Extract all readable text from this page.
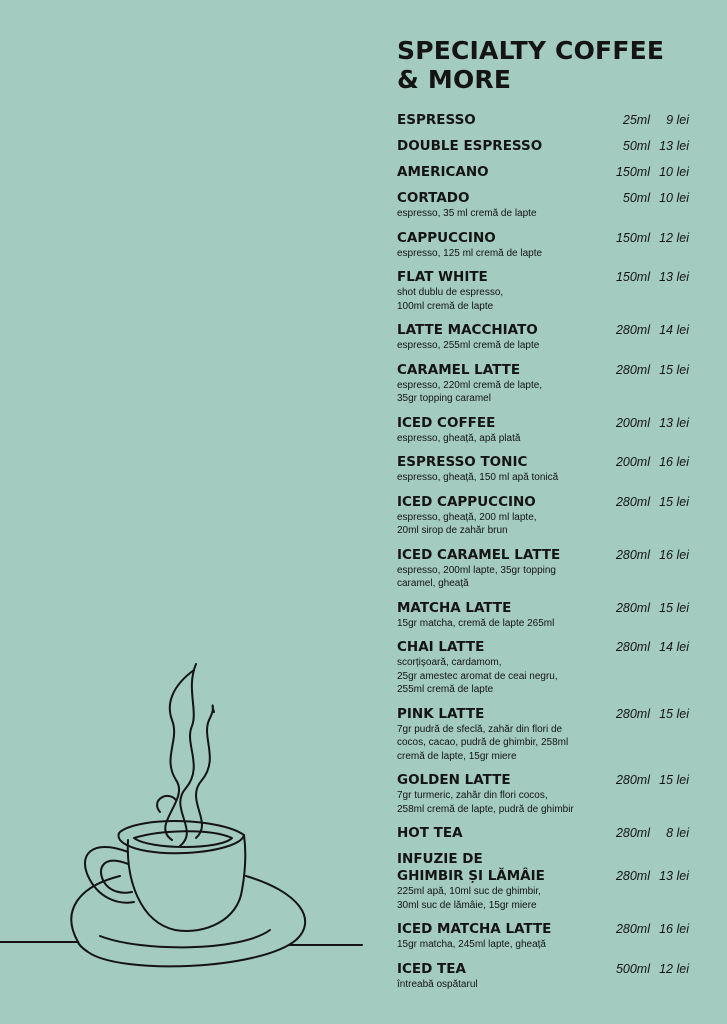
SPECIALTY COFFEE
& MORE
ESPRESSO	25ml 9 lei
DOUBLE ESPRESSO	50ml 13 lei
AMERICANO	150ml 10 lei
CORTADO	50ml 10 lei
espresso, 35 ml cremă de lapte
CAPPUCCINO	150ml 12 lei
espresso, 125 ml cremă de lapte
FLAT WHITE	150ml 13 lei
shot dublu de espresso,
100ml cremă de lapte
LATTE MACCHIATO	280ml 14 lei
espresso, 255ml cremă de lapte
CARAMEL LATTE	280ml 15 lei
espresso, 220ml cremă de lapte,
35gr topping caramel
ICED COFFEE	200ml 13 lei
espresso, gheață, apă plată
ESPRESSO TONIC	200ml 16 lei
espresso, gheață, 150 ml apă tonică
ICED CAPPUCCINO	280ml 15 lei
espresso, gheață, 200 ml lapte,
20ml sirop de zahăr brun
ICED CARAMEL LATTE	280ml 16 lei
espresso, 200ml lapte, 35gr topping
caramel, gheață
MATCHA LATTE	280ml 15 lei
15gr matcha, cremă de lapte 265ml
CHAI LATTE	280ml 14 lei
scorțișoară, cardamom,
25gr amestec aromat de ceai negru,
255ml cremă de lapte
PINK LATTE	280ml 15 lei
7gr pudră de sfeclă, zahăr din flori de
cocos, cacao, pudră de ghimbir, 258ml
cremă de lapte, 15gr miere
GOLDEN LATTE	280ml 15 lei
7gr turmeric, zahăr din flori cocos,
258ml cremă de lapte, pudră de ghimbir
HOT TEA	280ml 8 lei
INFUZIE DE
GHIMBIR ȘI LĂMÂIE	280ml 13 lei
225ml apă, 10ml suc de ghimbir,
30ml suc de lămâie, 15gr miere
ICED MATCHA LATTE	280ml 16 lei
15gr matcha, 245ml lapte, gheață
ICED TEA	500ml 12 lei
întreabă ospătarul
